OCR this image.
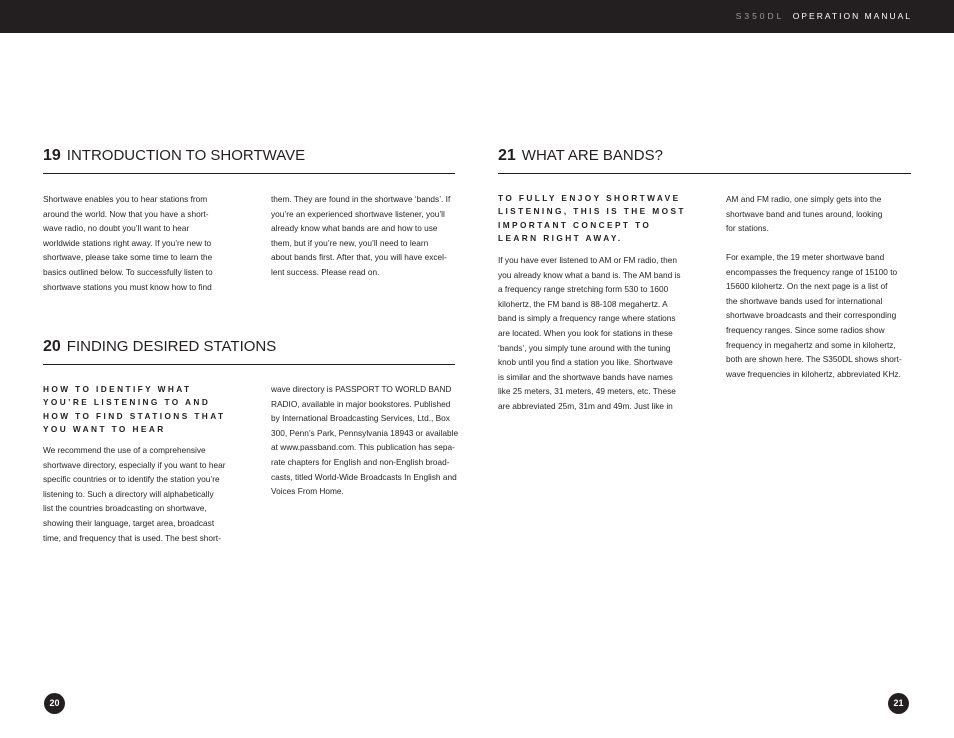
S350DL OPERATION MANUAL
19 INTRODUCTION TO SHORTWAVE
Shortwave enables you to hear stations from
around the world. Now that you have a short-
wave radio, no doubt you’ll want to hear
worldwide stations right away. If you’re new to
shortwave, please take some time to learn the
basics outlined below. To successfully listen to
shortwave stations you must know how to find
them. They are found in the shortwave ‘bands’. If
you’re an experienced shortwave listener, you’ll
already know what bands are and how to use
them, but if you’re new, you’ll need to learn
about bands first. After that, you will have excel-
lent success. Please read on.
20 FINDING DESIRED STATIONS
HOW TO IDENTIFY WHAT
YOU’RE LISTENING TO AND
HOW TO FIND STATIONS THAT
YOU WANT TO HEAR
We recommend the use of a comprehensive
shortwave directory, especially if you want to hear
specific countries or to identify the station you’re
listening to. Such a directory will alphabetically
list the countries broadcasting on shortwave,
showing their language, target area, broadcast
time, and frequency that is used. The best short-
wave directory is PASSPORT TO WORLD BAND
RADIO, available in major bookstores. Published
by International Broadcasting Services, Ltd., Box
300, Penn’s Park, Pennsylvania 18943 or available
at www.passband.com. This publication has sepa-
rate chapters for English and non-English broad-
casts, titled World-Wide Broadcasts In English and
Voices From Home.
21 WHAT ARE BANDS?
TO FULLY ENJOY SHORTWAVE
LISTENING, THIS IS THE MOST
IMPORTANT CONCEPT TO
LEARN RIGHT AWAY.
If you have ever listened to AM or FM radio, then
you already know what a band is. The AM band is
a frequency range stretching form 530 to 1600
kilohertz, the FM band is 88-108 megahertz. A
band is simply a frequency range where stations
are located. When you look for stations in these
‘bands’, you simply tune around with the tuning
knob until you find a station you like. Shortwave
is similar and the shortwave bands have names
like 25 meters, 31 meters, 49 meters, etc. These
are abbreviated 25m, 31m and 49m. Just like in
AM and FM radio, one simply gets into the
shortwave band and tunes around, looking
for stations.
For example, the 19 meter shortwave band
encompasses the frequency range of 15100 to
15600 kilohertz. On the next page is a list of
the shortwave bands used for international
shortwave broadcasts and their corresponding
frequency ranges. Since some radios show
frequency in megahertz and some in kilohertz,
both are shown here. The S350DL shows short-
wave frequencies in kilohertz, abbreviated KHz.
20	21
